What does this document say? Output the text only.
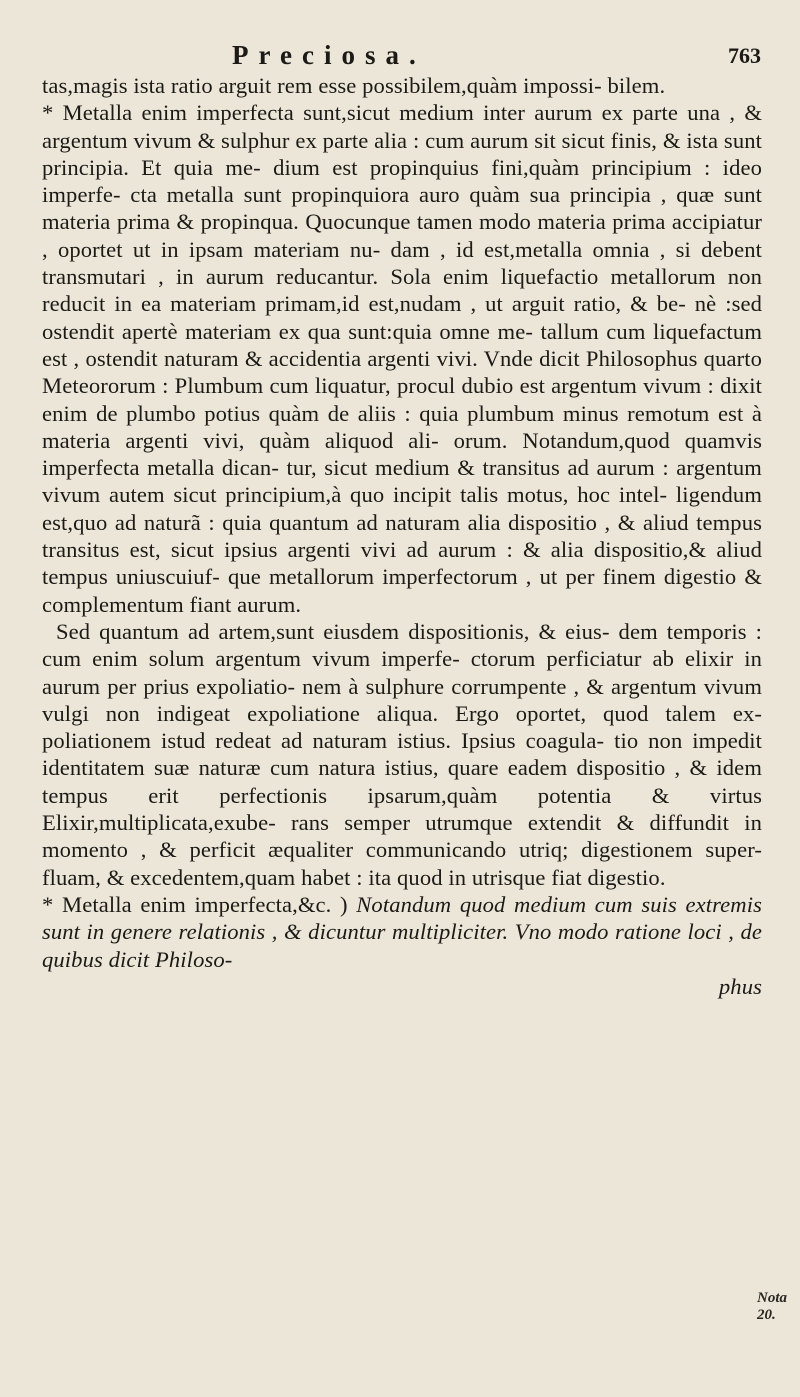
Preciosa.	763

tas,magis ista ratio arguit rem esse possibilem,quàm impossi- bilem.

* Metalla enim imperfecta sunt,sicut medium inter aurum ex parte una , & argentum vivum & sulphur ex parte alia : cum aurum sit sicut finis, & ista sunt principia. Et quia me- dium est propinquius fini,quàm principium : ideo imperfe- cta metalla sunt propinquiora auro quàm sua principia , quæ sunt materia prima & propinqua. Quocunque tamen modo materia prima accipiatur , oportet ut in ipsam materiam nu- dam , id est,metalla omnia , si debent transmutari , in aurum reducantur. Sola enim liquefactio metallorum non reducit in ea materiam primam,id est,nudam , ut arguit ratio, & be- nè :sed ostendit apertè materiam ex qua sunt:quia omne me- tallum cum liquefactum est , ostendit naturam & accidentia argenti vivi. Vnde dicit Philosophus quarto Meteororum : Plumbum cum liquatur, procul dubio est argentum vivum : dixit enim de plumbo potius quàm de aliis : quia plumbum minus remotum est à materia argenti vivi, quàm aliquod ali- orum. Notandum,quod quamvis imperfecta metalla dican- tur, sicut medium & transitus ad aurum : argentum vivum autem sicut principium,à quo incipit talis motus, hoc intel- ligendum est,quo ad naturã : quia quantum ad naturam alia dispositio , & aliud tempus transitus est, sicut ipsius argenti vivi ad aurum : & alia dispositio,& aliud tempus uniuscuiuf- que metallorum imperfectorum , ut per finem digestio & complementum fiant aurum.

Sed quantum ad artem,sunt eiusdem dispositionis, & eius- dem temporis : cum enim solum argentum vivum imperfe- ctorum perficiatur ab elixir in aurum per prius expoliatio- nem à sulphure corrumpente , & argentum vivum vulgi non indigeat expoliatione aliqua. Ergo oportet, quod talem ex- poliationem istud redeat ad naturam istius. Ipsius coagula- tio non impedit identitatem suæ naturæ cum natura istius, quare eadem dispositio , & idem tempus erit perfectionis ipsarum,quàm potentia & virtus Elixir,multiplicata,exube- rans semper utrumque extendit & diffundit in momento , & perficit æqualiter communicando utriq; digestionem super- fluam, & excedentem,quam habet : ita quod in utrisque fiat digestio.

* Metalla enim imperfecta,&c. ) Notandum quod medium cum suis extremis sunt in genere relationis , & dicuntur multipliciter. Vno modo ratione loci , de quibus dicit Philoso-

phus

Nota 20.
